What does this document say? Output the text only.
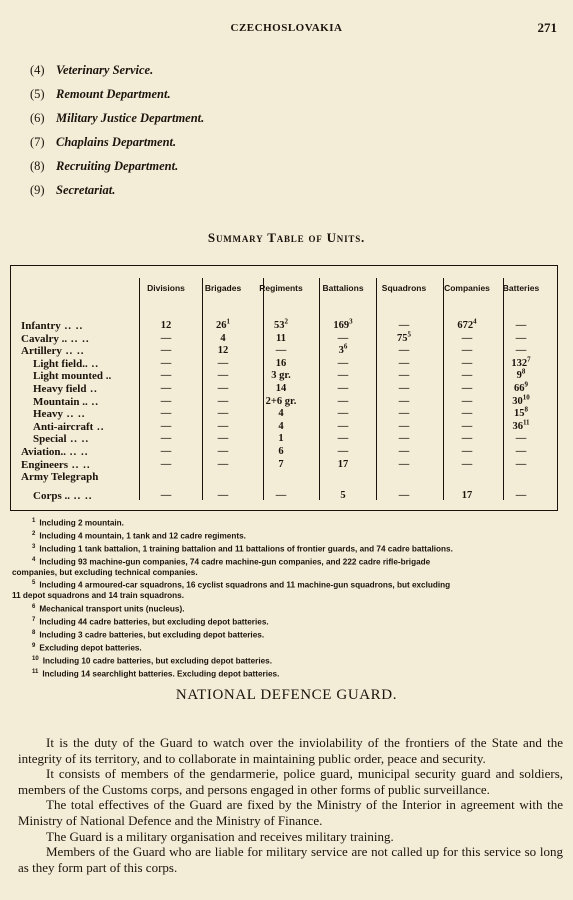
CZECHOSLOVAKIA	271
(4) Veterinary Service.
(5) Remount Department.
(6) Military Justice Department.
(7) Chaplains Department.
(8) Recruiting Department.
(9) Secretariat.
Summary Table of Units.
Divisions	Brigades	Regiments	Battalions	Squadrons	Companies	Batteries
Infantry .. ..	12	$26^1$	$53^2$	$169^3$	—	$672^4$	—
Cavalry .. .. ..	—	4	11	—	$75^5$	—	—
Artillery .. ..	—	12	—	$3^6$	—	—	—
Light field.. ..	—	—	16	—	—	—	$132^7$
Light mounted ..	—	—	3 gr.	—	—	—	$9^8$
Heavy field ..	—	—	14	—	—	—	$66^9$
Mountain .. ..	—	—	2+6 gr.	—	—	—	$30^{10}$
Heavy .. ..	—	—	4	—	—	—	$15^8$
Anti-aircraft ..	—	—	4	—	—	—	$36^{11}$
Special .. ..	—	—	1	—	—	—	—
Aviation.. .. ..	—	—	6	—	—	—	—
Engineers .. ..	—	—	7	17	—	—	—
Army Telegraph
Corps .. .. ..	—	—	—	5	—	17	—
$^1$ Including 2 mountain.
$^2$ Including 4 mountain, 1 tank and 12 cadre regiments.
$^3$ Including 1 tank battalion, 1 training battalion and 11 battalions of frontier guards, and 74 cadre battalions.
$^4$ Including 93 machine-gun companies, 74 cadre machine-gun companies, and 222 cadre rifle-brigade
companies, but excluding technical companies.
$^5$ Including 4 armoured-car squadrons, 16 cyclist squadrons and 11 machine-gun squadrons, but excluding
11 depot squadrons and 14 train squadrons.
$^6$ Mechanical transport units (nucleus).
$^7$ Including 44 cadre batteries, but excluding depot batteries.
$^8$ Including 3 cadre batteries, but excluding depot batteries.
$^9$ Excluding depot batteries.
$^{10}$ Including 10 cadre batteries, but excluding depot batteries.
$^{11}$ Including 14 searchlight batteries. Excluding depot batteries.
NATIONAL DEFENCE GUARD.

It is the duty of the Guard to watch over the inviolability of the frontiers of the State and the integrity of its territory, and to collaborate in maintaining public order, peace and security.

It consists of members of the gendarmerie, police guard, municipal security guard and soldiers, members of the Customs corps, and persons engaged in other forms of public surveillance.

The total effectives of the Guard are fixed by the Ministry of the Interior in agreement with the Ministry of National Defence and the Ministry of Finance.

The Guard is a military organisation and receives military training.

Members of the Guard who are liable for military service are not called up for this service so long as they form part of this corps.
